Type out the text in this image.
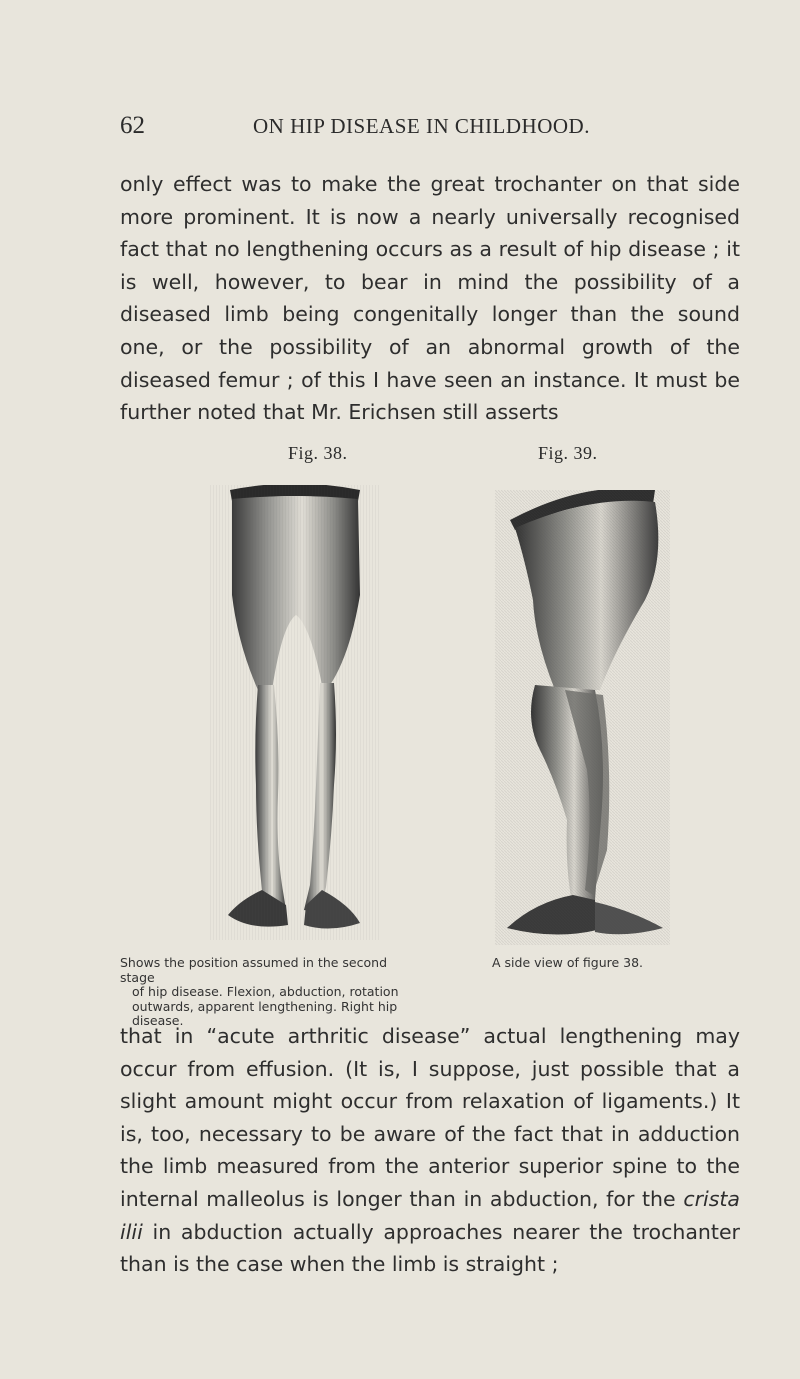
62	ON HIP DISEASE IN CHILDHOOD.
only effect was to make the great trochanter on that side more prominent. It is now a nearly universally recognised fact that no lengthening occurs as a result of hip disease ; it is well, however, to bear in mind the possibility of a diseased limb being congenitally longer than the sound one, or the possibility of an abnormal growth of the diseased femur ; of this I have seen an instance. It must be further noted that Mr. Erichsen still asserts
Fig. 38.	Fig. 39.
Shows the position assumed in the second stage
of hip disease. Flexion, abduction, rotation outwards, apparent lengthening. Right hip disease.
A side view of figure 38.
that in “acute arthritic disease” actual lengthening may occur from effusion. (It is, I suppose, just possible that a slight amount might occur from relaxation of ligaments.) It is, too, necessary to be aware of the fact that in adduction the limb measured from the anterior superior spine to the internal malleolus is longer than in abduction, for the crista ilii in abduction actually approaches nearer the trochanter than is the case when the limb is straight ;
